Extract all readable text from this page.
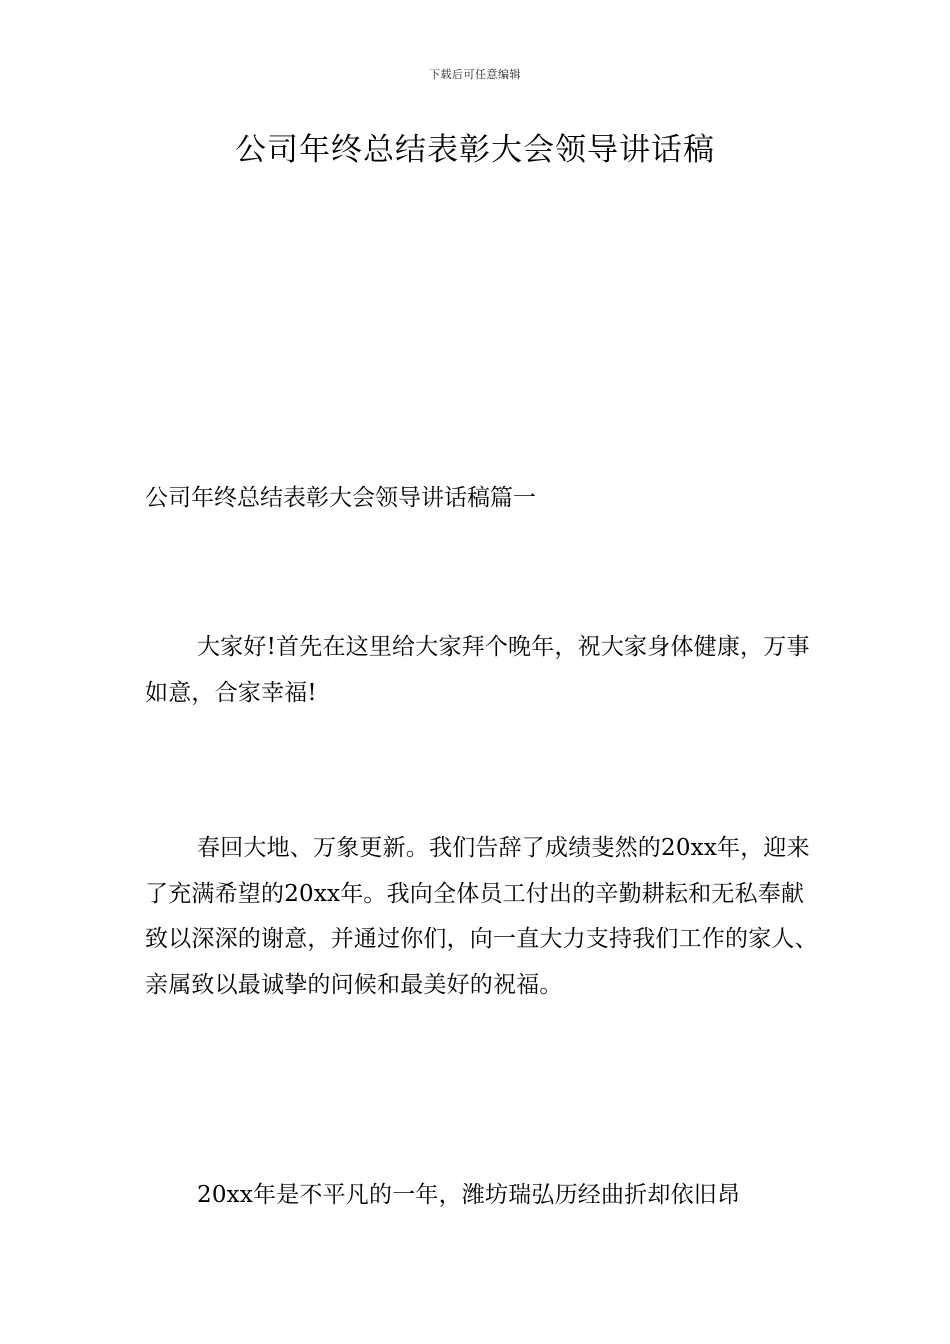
下载后可任意编辑
公司年终总结表彰大会领导讲话稿
公司年终总结表彰大会领导讲话稿篇一

大家好!首先在这里给大家拜个晚年，祝大家身体健康，万事如意，合家幸福!

春回大地、万象更新。我们告辞了成绩斐然的20xx年，迎来了充满希望的20xx年。我向全体员工付出的辛勤耕耘和无私奉献致以深深的谢意，并通过你们，向一直大力支持我们工作的家人、亲属致以最诚挚的问候和最美好的祝福。

20xx年是不平凡的一年，潍坊瑞弘历经曲折却依旧昂
